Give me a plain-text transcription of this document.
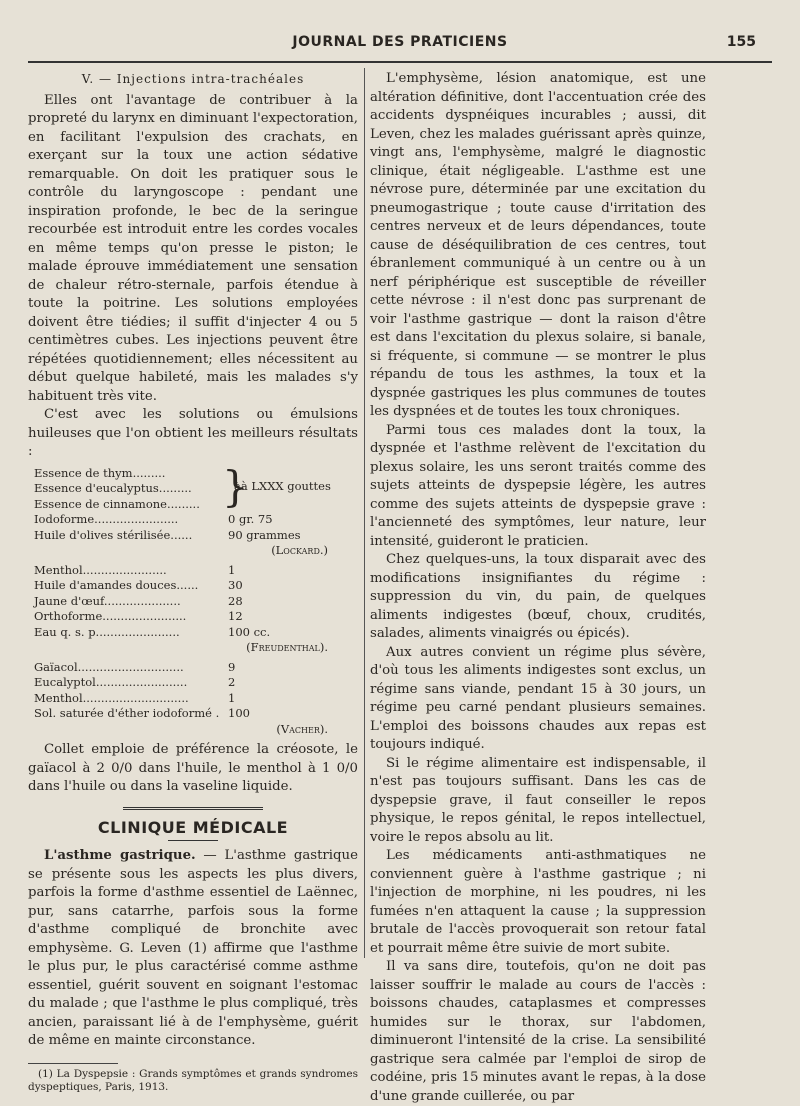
JOURNAL DES PRATICIENS	155
V. — Injections intra-trachéales

Elles ont l'avantage de contribuer à la propreté du larynx en diminuant l'expectoration, en facilitant l'expulsion des crachats, en exerçant sur la toux une action sédative remarquable. On doit les pratiquer sous le contrôle du laryngoscope : pendant une inspiration profonde, le bec de la seringue recourbée est introduit entre les cordes vocales en même temps qu'on presse le piston; le malade éprouve immédiatement une sensation de chaleur rétro-sternale, parfois étendue à toute la poitrine. Les solutions employées doivent être tiédies; il suffit d'injecter 4 ou 5 centimètres cubes. Les injections peuvent être répétées quotidiennement; elles nécessitent au début quelque habileté, mais les malades s'y habituent très vite.

C'est avec les solutions ou émulsions huileuses que l'on obtient les meilleurs résultats :

Essence de thym.........
Essence d'eucalyptus.........
Essence de cinnamone......... }
àà LXXX gouttes
Iodoforme.......................	0 gr. 75
Huile d'olives stérilisée......	90 grammes
(Lockard.)
Menthol.......................	1
Huile d'amandes douces......	30
Jaune d'œuf.....................	28
Orthoforme.......................	12
Eau q. s. p.......................	100 cc.
(Freudenthal).
Gaïacol.............................	9
Eucalyptol.........................	2
Menthol.............................	1
Sol. saturée d'éther iodoformé . 100
(Vacher).

Collet emploie de préférence la créosote, le gaïacol à 2 0/0 dans l'huile, le menthol à 1 0/0 dans l'huile ou dans la vaseline liquide.

CLINIQUE MÉDICALE

L'asthme gastrique. — L'asthme gastrique se présente sous les aspects les plus divers, parfois la forme d'asthme essentiel de Laënnec, pur, sans catarrhe, parfois sous la forme d'asthme compliqué de bronchite avec emphysème. G. Leven (1) affirme que l'asthme le plus pur, le plus caractérisé comme asthme essentiel, guérit souvent en soignant l'estomac du malade ; que l'asthme le plus compliqué, très ancien, paraissant lié à de l'emphysème, guérit de même en mainte circonstance.

(1) La Dyspepsie : Grands symptômes et grands syndromes dyspeptiques, Paris, 1913.

L'emphysème, lésion anatomique, est une altération définitive, dont l'accentuation crée des accidents dyspnéiques incurables ; aussi, dit Leven, chez les malades guérissant après quinze, vingt ans, l'emphysème, malgré le diagnostic clinique, était négligeable. L'asthme est une névrose pure, déterminée par une excitation du pneumogastrique ; toute cause d'irritation des centres nerveux et de leurs dépendances, toute cause de déséquilibration de ces centres, tout ébranlement communiqué à un centre ou à un nerf périphérique est susceptible de réveiller cette névrose : il n'est donc pas surprenant de voir l'asthme gastrique — dont la raison d'être est dans l'excitation du plexus solaire, si banale, si fréquente, si commune — se montrer le plus répandu de tous les asthmes, la toux et la dyspnée gastriques les plus communes de toutes les dyspnées et de toutes les toux chroniques.

Parmi tous ces malades dont la toux, la dyspnée et l'asthme relèvent de l'excitation du plexus solaire, les uns seront traités comme des sujets atteints de dyspepsie légère, les autres comme des sujets atteints de dyspepsie grave : l'ancienneté des symptômes, leur nature, leur intensité, guideront le praticien.

Chez quelques-uns, la toux disparait avec des modifications insignifiantes du régime : suppression du vin, du pain, de quelques aliments indigestes (bœuf, choux, crudités, salades, aliments vinaigrés ou épicés).

Aux autres convient un régime plus sévère, d'où tous les aliments indigestes sont exclus, un régime sans viande, pendant 15 à 30 jours, un régime peu carné pendant plusieurs semaines. L'emploi des boissons chaudes aux repas est toujours indiqué.

Si le régime alimentaire est indispensable, il n'est pas toujours suffisant. Dans les cas de dyspepsie grave, il faut conseiller le repos physique, le repos génital, le repos intellectuel, voire le repos absolu au lit.

Les médicaments anti-asthmatiques ne conviennent guère à l'asthme gastrique ; ni l'injection de morphine, ni les poudres, ni les fumées n'en attaquent la cause ; la suppression brutale de l'accès provoquerait son retour fatal et pourrait même être suivie de mort subite.

Il va sans dire, toutefois, qu'on ne doit pas laisser souffrir le malade au cours de l'accès : boissons chaudes, cataplasmes et compresses humides sur le thorax, sur l'abdomen, diminueront l'intensité de la crise. La sensibilité gastrique sera calmée par l'emploi de sirop de codéine, pris 15 minutes avant le repas, à la dose d'une grande cuillerée, ou par
